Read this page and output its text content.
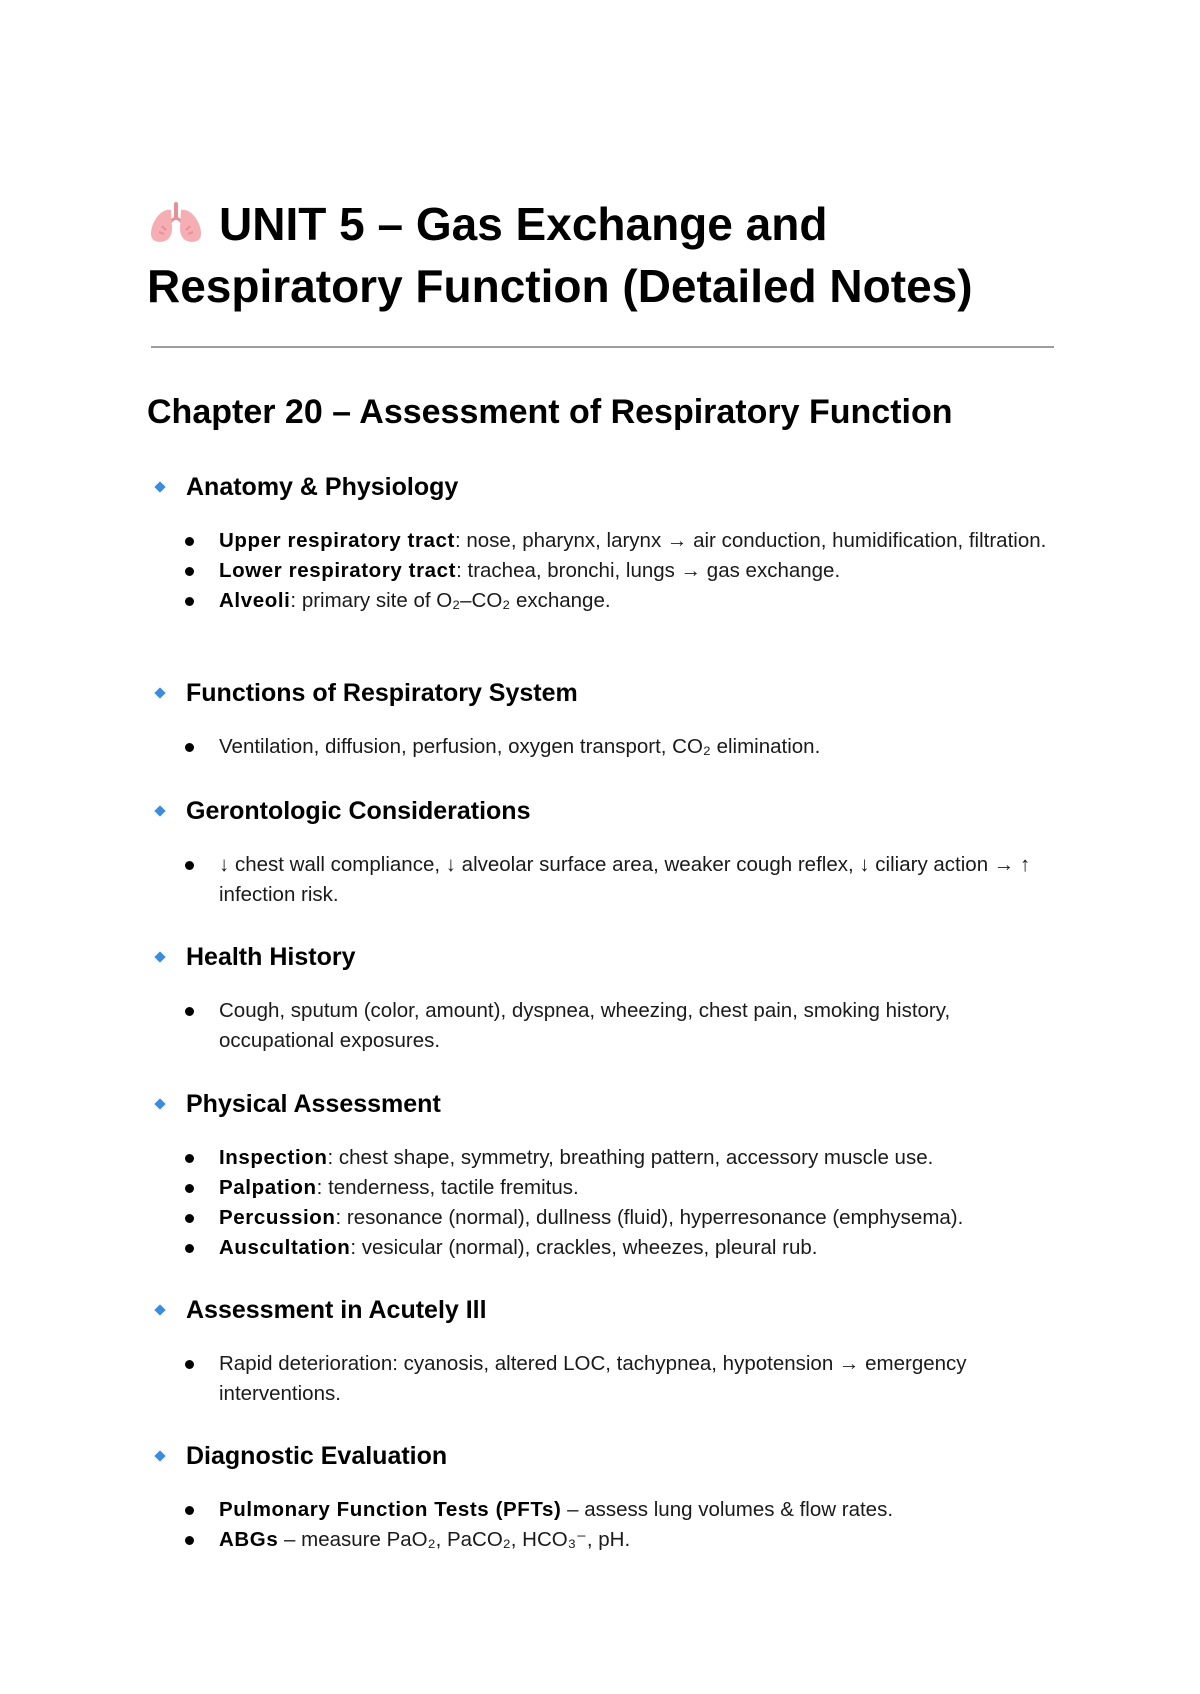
UNIT 5 – Gas Exchange and Respiratory Function (Detailed Notes)
Chapter 20 – Assessment of Respiratory Function
Anatomy & Physiology
Upper respiratory tract: nose, pharynx, larynx → air conduction, humidification, filtration.
Lower respiratory tract: trachea, bronchi, lungs → gas exchange.
Alveoli: primary site of O₂–CO₂ exchange.
Functions of Respiratory System
Ventilation, diffusion, perfusion, oxygen transport, CO₂ elimination.
Gerontologic Considerations
↓ chest wall compliance, ↓ alveolar surface area, weaker cough reflex, ↓ ciliary action → ↑ infection risk.
Health History
Cough, sputum (color, amount), dyspnea, wheezing, chest pain, smoking history, occupational exposures.
Physical Assessment
Inspection: chest shape, symmetry, breathing pattern, accessory muscle use.
Palpation: tenderness, tactile fremitus.
Percussion: resonance (normal), dullness (fluid), hyperresonance (emphysema).
Auscultation: vesicular (normal), crackles, wheezes, pleural rub.
Assessment in Acutely Ill
Rapid deterioration: cyanosis, altered LOC, tachypnea, hypotension → emergency interventions.
Diagnostic Evaluation
Pulmonary Function Tests (PFTs) – assess lung volumes & flow rates.
ABGs – measure PaO₂, PaCO₂, HCO₃⁻, pH.
